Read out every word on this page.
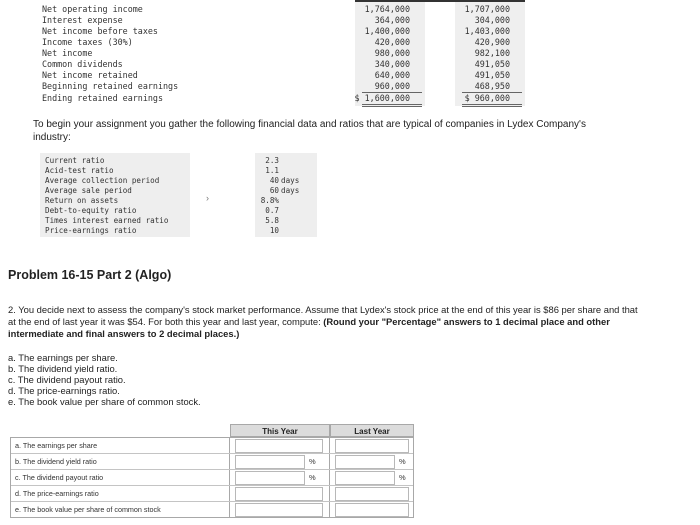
Net operating income	1,764,000	1,707,000
Interest expense	364,000	304,000
Net income before taxes	1,400,000	1,403,000
Income taxes (30%)	420,000	420,900
Net income	980,000	982,100
Common dividends	340,000	491,050
Net income retained	640,000	491,050
Beginning retained earnings	960,000	468,950
Ending retained earnings	$ 1,600,000	$ 960,000

To begin your assignment you gather the following financial data and ratios that are typical of companies in Lydex Company's industry:

Current ratio	2.3
Acid-test ratio	1.1
Average collection period	40 days
Average sale period	60 days
Return on assets	8.8%
Debt-to-equity ratio	0.7
Times interest earned ratio	5.8
Price-earnings ratio	10
›
Problem 16-15 Part 2 (Algo)

2. You decide next to assess the company's stock market performance. Assume that Lydex's stock price at the end of this year is $86 per share and that at the end of last year it was $54. For both this year and last year, compute: (Round your "Percentage" answers to 1 decimal place and other intermediate and final answers to 2 decimal places.)

a. The earnings per share.
b. The dividend yield ratio.
c. The dividend payout ratio.
d. The price-earnings ratio.
e. The book value per share of common stock.
This Year	Last Year
a. The earnings per share
b. The dividend yield ratio	%	%
c. The dividend payout ratio	%	%
d. The price-earnings ratio
e. The book value per share of common stock
